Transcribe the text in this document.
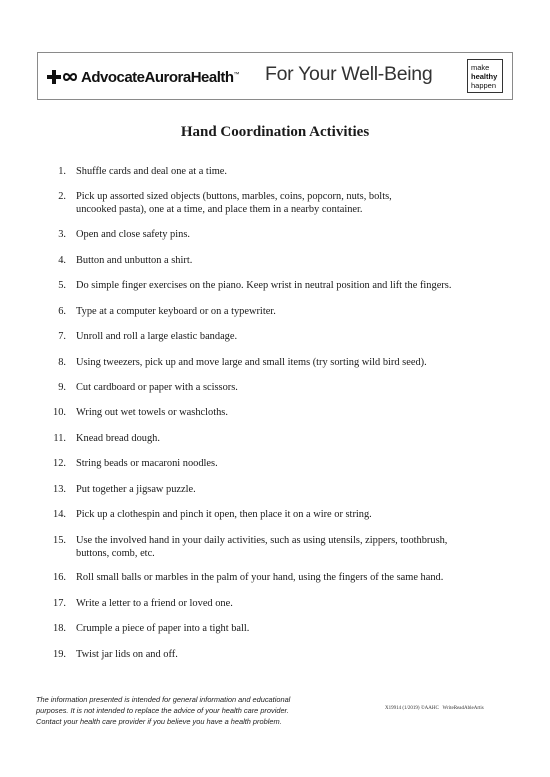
AdvocateAuroraHealth™ For Your Well-Being	make
healthy
happen
Hand Coordination Activities
1. Shuffle cards and deal one at a time.
2. Pick up assorted sized objects (buttons, marbles, coins, popcorn, nuts, bolts,
uncooked pasta), one at a time, and place them in a nearby container.
3. Open and close safety pins.
4. Button and unbutton a shirt.
5. Do simple finger exercises on the piano. Keep wrist in neutral position and lift the fingers.
6. Type at a computer keyboard or on a typewriter.
7. Unroll and roll a large elastic bandage.
8. Using tweezers, pick up and move large and small items (try sorting wild bird seed).
9. Cut cardboard or paper with a scissors.
10. Wring out wet towels or washcloths.
11. Knead bread dough.
12. String beads or macaroni noodles.
13. Put together a jigsaw puzzle.
14. Pick up a clothespin and pinch it open, then place it on a wire or string.
15. Use the involved hand in your daily activities, such as using utensils, zippers, toothbrush,
buttons, comb, etc.
16. Roll small balls or marbles in the palm of your hand, using the fingers of the same hand.
17. Write a letter to a friend or loved one.
18. Crumple a piece of paper into a tight ball.
19. Twist jar lids on and off.
The information presented is intended for general information and educational
purposes. It is not intended to replace the advice of your health care provider.
Contact your health care provider if you believe you have a health problem.
X19914 (1/2019) ©AAHC WriteReadAbleArtis
